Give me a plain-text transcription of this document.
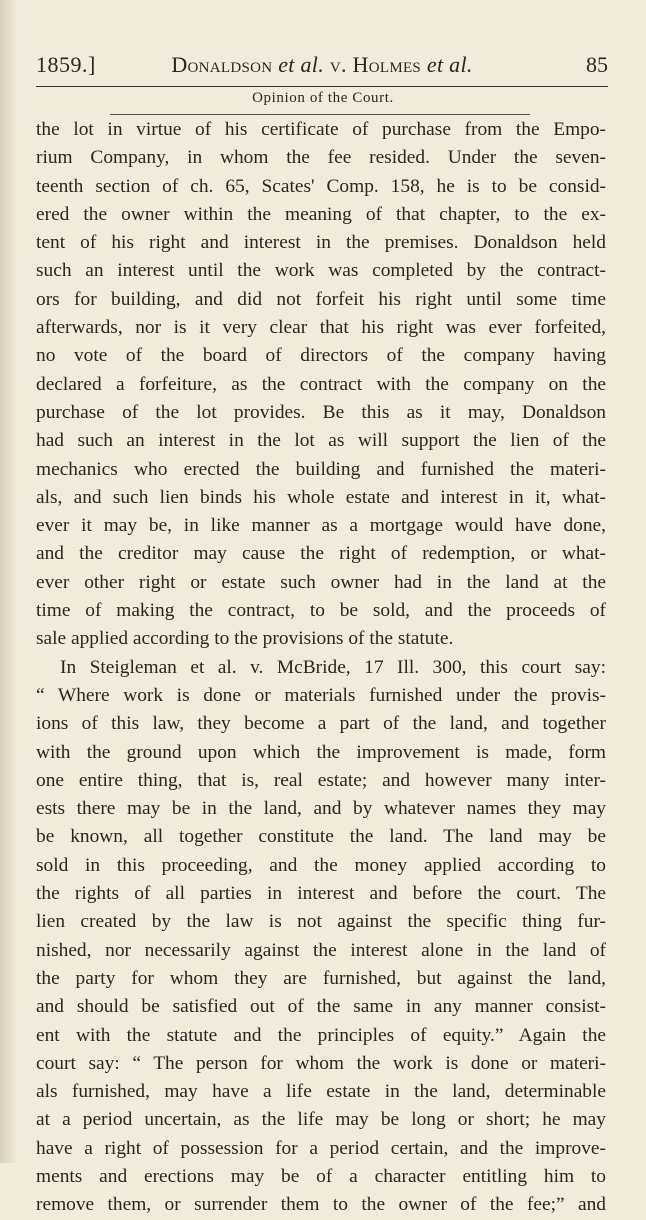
1859.]	Donaldson et al. v. Holmes et al.	85
Opinion of the Court.
the lot in virtue of his certificate of purchase from the Empo-
rium Company, in whom the fee resided. Under the seven-
teenth section of ch. 65, Scates' Comp. 158, he is to be consid-
ered the owner within the meaning of that chapter, to the ex-
tent of his right and interest in the premises. Donaldson held
such an interest until the work was completed by the contract-
ors for building, and did not forfeit his right until some time
afterwards, nor is it very clear that his right was ever forfeited,
no vote of the board of directors of the company having
declared a forfeiture, as the contract with the company on the
purchase of the lot provides. Be this as it may, Donaldson
had such an interest in the lot as will support the lien of the
mechanics who erected the building and furnished the materi-
als, and such lien binds his whole estate and interest in it, what-
ever it may be, in like manner as a mortgage would have done,
and the creditor may cause the right of redemption, or what-
ever other right or estate such owner had in the land at the
time of making the contract, to be sold, and the proceeds of
sale applied according to the provisions of the statute.
In Steigleman et al. v. McBride, 17 Ill. 300, this court say:
“ Where work is done or materials furnished under the provis-
ions of this law, they become a part of the land, and together
with the ground upon which the improvement is made, form
one entire thing, that is, real estate; and however many inter-
ests there may be in the land, and by whatever names they may
be known, all together constitute the land. The land may be
sold in this proceeding, and the money applied according to
the rights of all parties in interest and before the court. The
lien created by the law is not against the specific thing fur-
nished, nor necessarily against the interest alone in the land of
the party for whom they are furnished, but against the land,
and should be satisfied out of the same in any manner consist-
ent with the statute and the principles of equity.” Again the
court say: “ The person for whom the work is done or materi-
als furnished, may have a life estate in the land, determinable
at a period uncertain, as the life may be long or short; he may
have a right of possession for a period certain, and the improve-
ments and erections may be of a character entitling him to
remove them, or surrender them to the owner of the fee;” and
